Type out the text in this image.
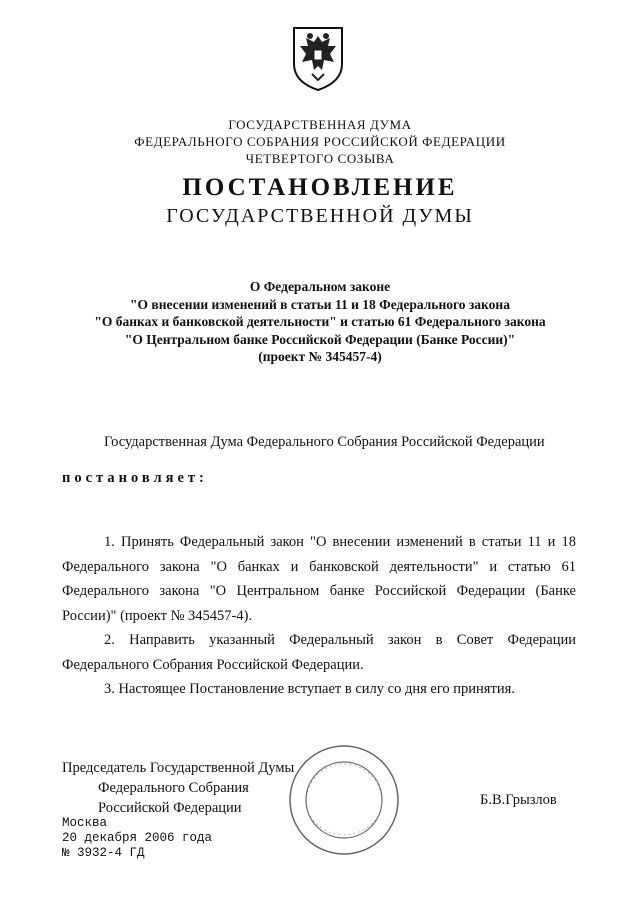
ГОСУДАРСТВЕННАЯ ДУМА
ФЕДЕРАЛЬНОГО СОБРАНИЯ РОССИЙСКОЙ ФЕДЕРАЦИИ
ЧЕТВЕРТОГО СОЗЫВА
ПОСТАНОВЛЕНИЕ
ГОСУДАРСТВЕННОЙ ДУМЫ
О Федеральном законе
"О внесении изменений в статьи 11 и 18 Федерального закона
"О банках и банковской деятельности" и статью 61 Федерального закона
"О Центральном банке Российской Федерации (Банке России)"
(проект № 345457-4)
Государственная Дума Федерального Собрания Российской Федерации
постановляет:

1. Принять Федеральный закон "О внесении изменений в статьи 11 и 18 Федерального закона "О банках и банковской деятельности" и статью 61 Федерального закона "О Центральном банке Российской Федерации (Банке России)" (проект № 345457-4).

2. Направить указанный Федеральный закон в Совет Федерации Федерального Собрания Российской Федерации.

3. Настоящее Постановление вступает в силу со дня его принятия.

Председатель Государственной Думы
Федерального Собрания
Российской Федерации	Б.В.Грызлов
Москва
20 декабря 2006 года
№ 3932-4 ГД
